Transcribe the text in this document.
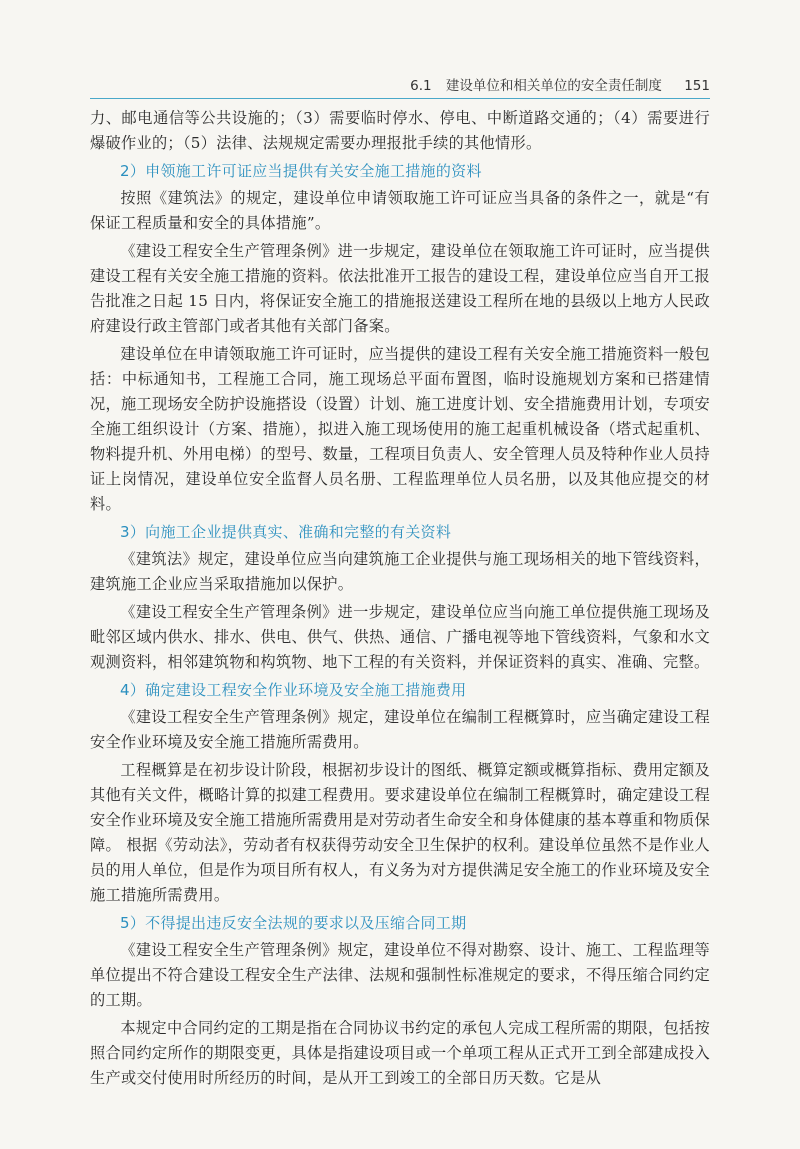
6.1 建设单位和相关单位的安全责任制度 151

力、邮电通信等公共设施的；（3）需要临时停水、停电、中断道路交通的；（4）需要进行爆破作业的；（5）法律、法规规定需要办理报批手续的其他情形。

2）申领施工许可证应当提供有关安全施工措施的资料

按照《建筑法》的规定，建设单位申请领取施工许可证应当具备的条件之一，就是“有保证工程质量和安全的具体措施”。

《建设工程安全生产管理条例》进一步规定，建设单位在领取施工许可证时，应当提供建设工程有关安全施工措施的资料。依法批准开工报告的建设工程，建设单位应当自开工报告批准之日起 15 日内，将保证安全施工的措施报送建设工程所在地的县级以上地方人民政府建设行政主管部门或者其他有关部门备案。

建设单位在申请领取施工许可证时，应当提供的建设工程有关安全施工措施资料一般包括：中标通知书，工程施工合同，施工现场总平面布置图，临时设施规划方案和已搭建情况，施工现场安全防护设施搭设（设置）计划、施工进度计划、安全措施费用计划，专项安全施工组织设计（方案、措施），拟进入施工现场使用的施工起重机械设备（塔式起重机、物料提升机、外用电梯）的型号、数量，工程项目负责人、安全管理人员及特种作业人员持证上岗情况，建设单位安全监督人员名册、工程监理单位人员名册，以及其他应提交的材料。

3）向施工企业提供真实、准确和完整的有关资料

《建筑法》规定，建设单位应当向建筑施工企业提供与施工现场相关的地下管线资料，建筑施工企业应当采取措施加以保护。

《建设工程安全生产管理条例》进一步规定，建设单位应当向施工单位提供施工现场及毗邻区域内供水、排水、供电、供气、供热、通信、广播电视等地下管线资料，气象和水文观测资料，相邻建筑物和构筑物、地下工程的有关资料，并保证资料的真实、准确、完整。

4）确定建设工程安全作业环境及安全施工措施费用

《建设工程安全生产管理条例》规定，建设单位在编制工程概算时，应当确定建设工程安全作业环境及安全施工措施所需费用。

工程概算是在初步设计阶段，根据初步设计的图纸、概算定额或概算指标、费用定额及其他有关文件，概略计算的拟建工程费用。要求建设单位在编制工程概算时，确定建设工程安全作业环境及安全施工措施所需费用是对劳动者生命安全和身体健康的基本尊重和物质保障。 根据《劳动法》，劳动者有权获得劳动安全卫生保护的权利。建设单位虽然不是作业人员的用人单位，但是作为项目所有权人，有义务为对方提供满足安全施工的作业环境及安全施工措施所需费用。

5）不得提出违反安全法规的要求以及压缩合同工期

《建设工程安全生产管理条例》规定，建设单位不得对勘察、设计、施工、工程监理等单位提出不符合建设工程安全生产法律、法规和强制性标准规定的要求，不得压缩合同约定的工期。

本规定中合同约定的工期是指在合同协议书约定的承包人完成工程所需的期限，包括按照合同约定所作的期限变更，具体是指建设项目或一个单项工程从正式开工到全部建成投入生产或交付使用时所经历的时间，是从开工到竣工的全部日历天数。它是从
